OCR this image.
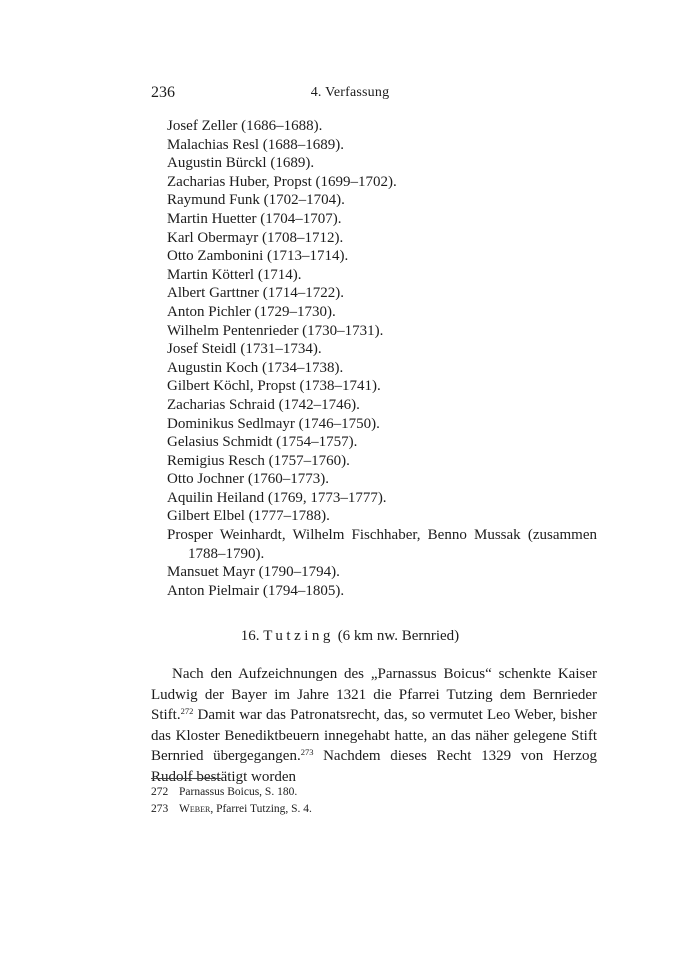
236	4. Verfassung
Josef Zeller (1686–1688).
Malachias Resl (1688–1689).
Augustin Bürckl (1689).
Zacharias Huber, Propst (1699–1702).
Raymund Funk (1702–1704).
Martin Huetter (1704–1707).
Karl Obermayr (1708–1712).
Otto Zambonini (1713–1714).
Martin Kötterl (1714).
Albert Garttner (1714–1722).
Anton Pichler (1729–1730).
Wilhelm Pentenrieder (1730–1731).
Josef Steidl (1731–1734).
Augustin Koch (1734–1738).
Gilbert Köchl, Propst (1738–1741).
Zacharias Schraid (1742–1746).
Dominikus Sedlmayr (1746–1750).
Gelasius Schmidt (1754–1757).
Remigius Resch (1757–1760).
Otto Jochner (1760–1773).
Aquilin Heiland (1769, 1773–1777).
Gilbert Elbel (1777–1788).
Prosper Weinhardt, Wilhelm Fischhaber, Benno Mussak (zusammen 1788–1790).
Mansuet Mayr (1790–1794).
Anton Pielmair (1794–1805).
16. Tutzing (6 km nw. Bernried)

Nach den Aufzeichnungen des „Parnassus Boicus“ schenkte Kaiser Ludwig der Bayer im Jahre 1321 die Pfarrei Tutzing dem Bernrieder Stift.$^{272}$ Damit war das Patronatsrecht, das, so vermutet Leo Weber, bisher das Kloster Benediktbeuern innegehabt hatte, an das näher gelegene Stift Bernried übergegangen.$^{273}$ Nachdem dieses Recht 1329 von Herzog Rudolf bestätigt worden

272 Parnassus Boicus, S. 180.
273 Weber, Pfarrei Tutzing, S. 4.
